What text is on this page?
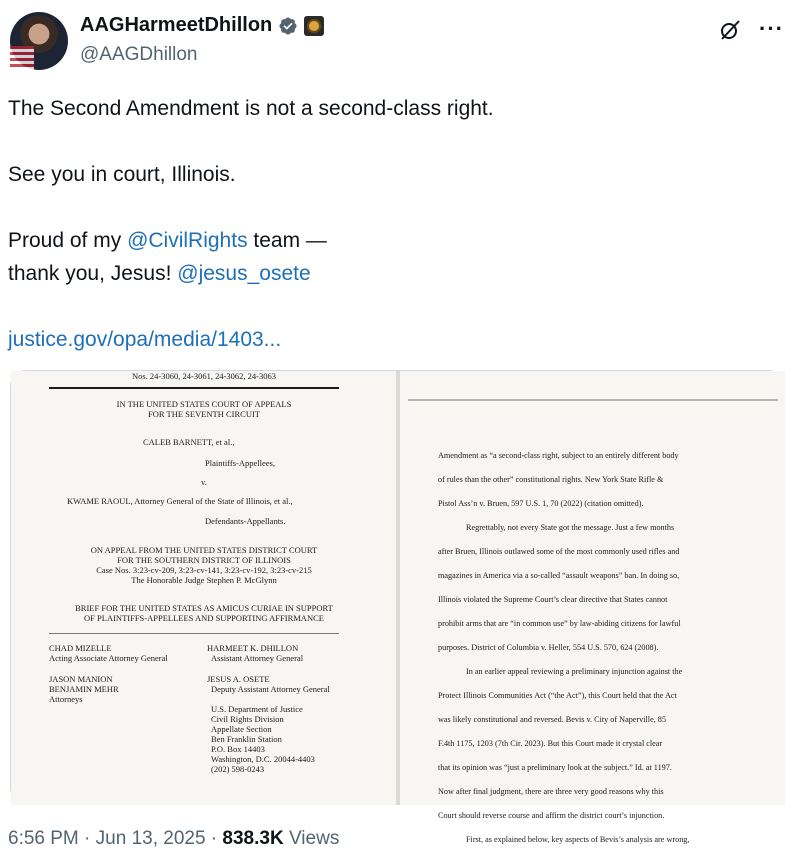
AAGHarmeetDhillon
@AAGDhillon
···

The Second Amendment is not a second-class right.

See you in court, Illinois.

Proud of my @CivilRights team —

thank you, Jesus! @jesus_osete

justice.gov/opa/media/1403...

Nos. 24-3060, 24-3061, 24-3062, 24-3063
IN THE UNITED STATES COURT OF APPEALS
FOR THE SEVENTH CIRCUIT
CALEB BARNETT, et al.,
Plaintiffs-Appellees,
v.
KWAME RAOUL, Attorney General of the State of Illinois, et al.,
Defendants-Appellants.
ON APPEAL FROM THE UNITED STATES DISTRICT COURT
FOR THE SOUTHERN DISTRICT OF ILLINOIS
Case Nos. 3:23-cv-209, 3:23-cv-141, 3:23-cv-192, 3:23-cv-215
The Honorable Judge Stephen P. McGlynn
BRIEF FOR THE UNITED STATES AS AMICUS CURIAE IN SUPPORT
OF PLAINTIFFS-APPELLEES AND SUPPORTING AFFIRMANCE
CHAD MIZELLE
Acting Associate Attorney General
JASON MANION
BENJAMIN MEHR
Attorneys
HARMEET K. DHILLON
Assistant Attorney General
JESUS A. OSETE
Deputy Assistant Attorney General
U.S. Department of Justice
Civil Rights Division
Appellate Section
Ben Franklin Station
P.O. Box 14403
Washington, D.C. 20044-4403
(202) 598-0243
Amendment as “a second-class right, subject to an entirely different body
of rules than the other” constitutional rights. New York State Rifle &
Pistol Ass’n v. Bruen, 597 U.S. 1, 70 (2022) (citation omitted).
Regrettably, not every State got the message. Just a few months
after Bruen, Illinois outlawed some of the most commonly used rifles and
magazines in America via a so-called “assault weapons” ban. In doing so,
Illinois violated the Supreme Court’s clear directive that States cannot
prohibit arms that are “in common use” by law-abiding citizens for lawful
purposes. District of Columbia v. Heller, 554 U.S. 570, 624 (2008).
In an earlier appeal reviewing a preliminary injunction against the
Protect Illinois Communities Act (“the Act”), this Court held that the Act
was likely constitutional and reversed. Bevis v. City of Naperville, 85
F.4th 1175, 1203 (7th Cir. 2023). But this Court made it crystal clear
that its opinion was “just a preliminary look at the subject.” Id. at 1197.
Now after final judgment, there are three very good reasons why this
Court should reverse course and affirm the district court’s injunction.
First, as explained below, key aspects of Bevis’s analysis are wrong,
6:56 PM · Jun 13, 2025 · 838.3K Views
